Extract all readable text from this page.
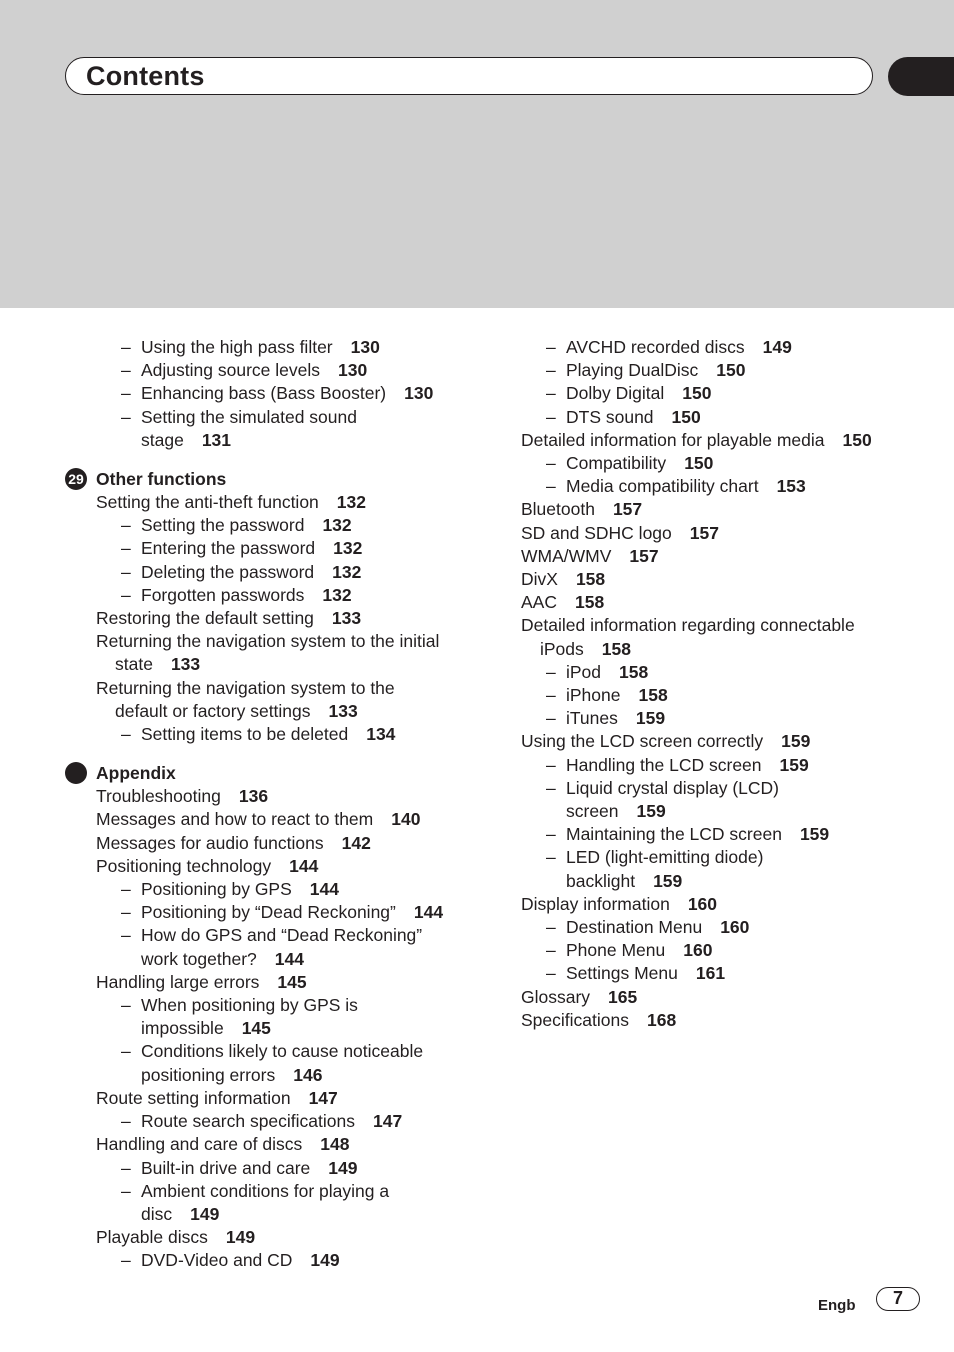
Contents
– Using the high pass filter 130
– Adjusting source levels 130
– Enhancing bass (Bass Booster) 130
– Setting the simulated sound
stage 131
29 Other functions
Setting the anti-theft function 132
– Setting the password 132
– Entering the password 132
– Deleting the password 132
– Forgotten passwords 132
Restoring the default setting 133
Returning the navigation system to the initial
state 133
Returning the navigation system to the
default or factory settings 133
– Setting items to be deleted 134
Appendix
Troubleshooting 136
Messages and how to react to them 140
Messages for audio functions 142
Positioning technology 144
– Positioning by GPS 144
– Positioning by “Dead Reckoning” 144
– How do GPS and “Dead Reckoning”
work together? 144
Handling large errors 145
– When positioning by GPS is
impossible 145
– Conditions likely to cause noticeable
positioning errors 146
Route setting information 147
– Route search specifications 147
Handling and care of discs 148
– Built-in drive and care 149
– Ambient conditions for playing a
disc 149
Playable discs 149
– DVD-Video and CD 149
– AVCHD recorded discs 149
– Playing DualDisc 150
– Dolby Digital 150
– DTS sound 150
Detailed information for playable media 150
– Compatibility 150
– Media compatibility chart 153
Bluetooth 157
SD and SDHC logo 157
WMA/WMV 157
DivX 158
AAC 158
Detailed information regarding connectable
iPods 158
– iPod 158
– iPhone 158
– iTunes 159
Using the LCD screen correctly 159
– Handling the LCD screen 159
– Liquid crystal display (LCD)
screen 159
– Maintaining the LCD screen 159
– LED (light-emitting diode)
backlight 159
Display information 160
– Destination Menu 160
– Phone Menu 160
– Settings Menu 161
Glossary 165
Specifications 168
Engb	7
